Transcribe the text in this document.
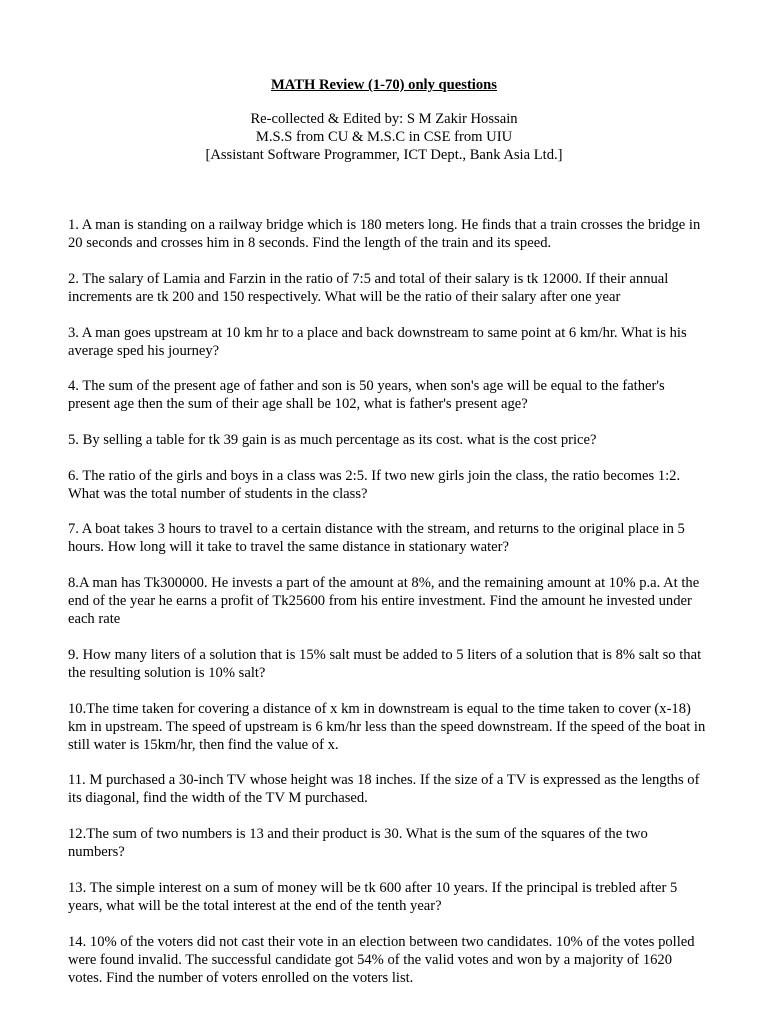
MATH Review (1-70) only questions
Re-collected & Edited by: S M Zakir Hossain
M.S.S from CU & M.S.C in CSE from UIU
[Assistant Software Programmer, ICT Dept., Bank Asia Ltd.]
1. A man is standing on a railway bridge which is 180 meters long. He finds that a train crosses the bridge in
20 seconds and crosses him in 8 seconds. Find the length of the train and its speed.
2. The salary of Lamia and Farzin in the ratio of 7:5 and total of their salary is tk 12000. If their annual
increments are tk 200 and 150 respectively. What will be the ratio of their salary after one year
3. A man goes upstream at 10 km hr to a place and back downstream to same point at 6 km/hr. What is his
average sped his journey?
4. The sum of the present age of father and son is 50 years, when son's age will be equal to the father's
present age then the sum of their age shall be 102, what is father's present age?
5. By selling a table for tk 39 gain is as much percentage as its cost. what is the cost price?
6. The ratio of the girls and boys in a class was 2:5. If two new girls join the class, the ratio becomes 1:2.
What was the total number of students in the class?
7. A boat takes 3 hours to travel to a certain distance with the stream, and returns to the original place in 5
hours. How long will it take to travel the same distance in stationary water?
8.A man has Tk300000. He invests a part of the amount at 8%, and the remaining amount at 10% p.a. At the
end of the year he earns a profit of Tk25600 from his entire investment. Find the amount he invested under
each rate
9. How many liters of a solution that is 15% salt must be added to 5 liters of a solution that is 8% salt so that
the resulting solution is 10% salt?
10.The time taken for covering a distance of x km in downstream is equal to the time taken to cover (x-18)
km in upstream. The speed of upstream is 6 km/hr less than the speed downstream. If the speed of the boat in
still water is 15km/hr, then find the value of x.
11. M purchased a 30-inch TV whose height was 18 inches. If the size of a TV is expressed as the lengths of
its diagonal, find the width of the TV M purchased.
12.The sum of two numbers is 13 and their product is 30. What is the sum of the squares of the two
numbers?
13. The simple interest on a sum of money will be tk 600 after 10 years. If the principal is trebled after 5
years, what will be the total interest at the end of the tenth year?
14. 10% of the voters did not cast their vote in an election between two candidates. 10% of the votes polled
were found invalid. The successful candidate got 54% of the valid votes and won by a majority of 1620
votes. Find the number of voters enrolled on the voters list.
